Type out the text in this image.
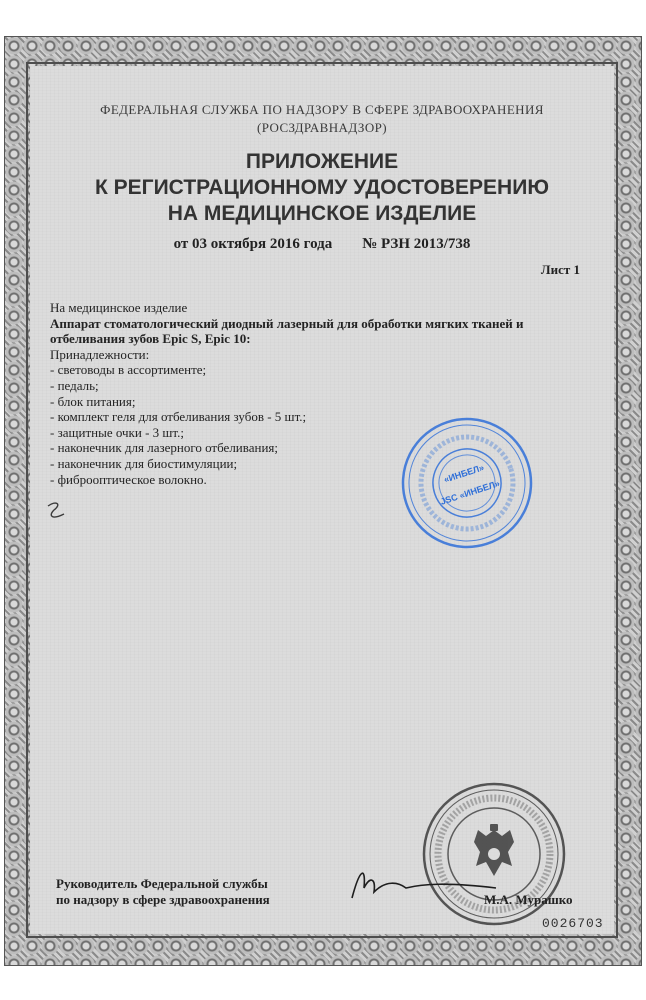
ФЕДЕРАЛЬНАЯ СЛУЖБА ПО НАДЗОРУ В СФЕРЕ ЗДРАВООХРАНЕНИЯ
(РОСЗДРАВНАДЗОР)
ПРИЛОЖЕНИЕ
К РЕГИСТРАЦИОННОМУ УДОСТОВЕРЕНИЮ
НА МЕДИЦИНСКОЕ ИЗДЕЛИЕ
от 03 октября 2016 года № РЗН 2013/738
Лист 1
На медицинское изделие
Аппарат стоматологический диодный лазерный для обработки мягких тканей и
отбеливания зубов Epic S, Epic 10:
Принадлежности:
- световоды в ассортименте;
- педаль;
- блок питания;
- комплект геля для отбеливания зубов - 5 шт.;
- защитные очки - 3 шт.;
- наконечник для лазерного отбеливания;
- наконечник для биостимуляции;
- фиброоптическое волокно.	«ИНБЕЛ»
JSC «ИНБЕЛ»
Руководитель Федеральной службы
по надзору в сфере здравоохранения	М.А. Мурашко
0026703
